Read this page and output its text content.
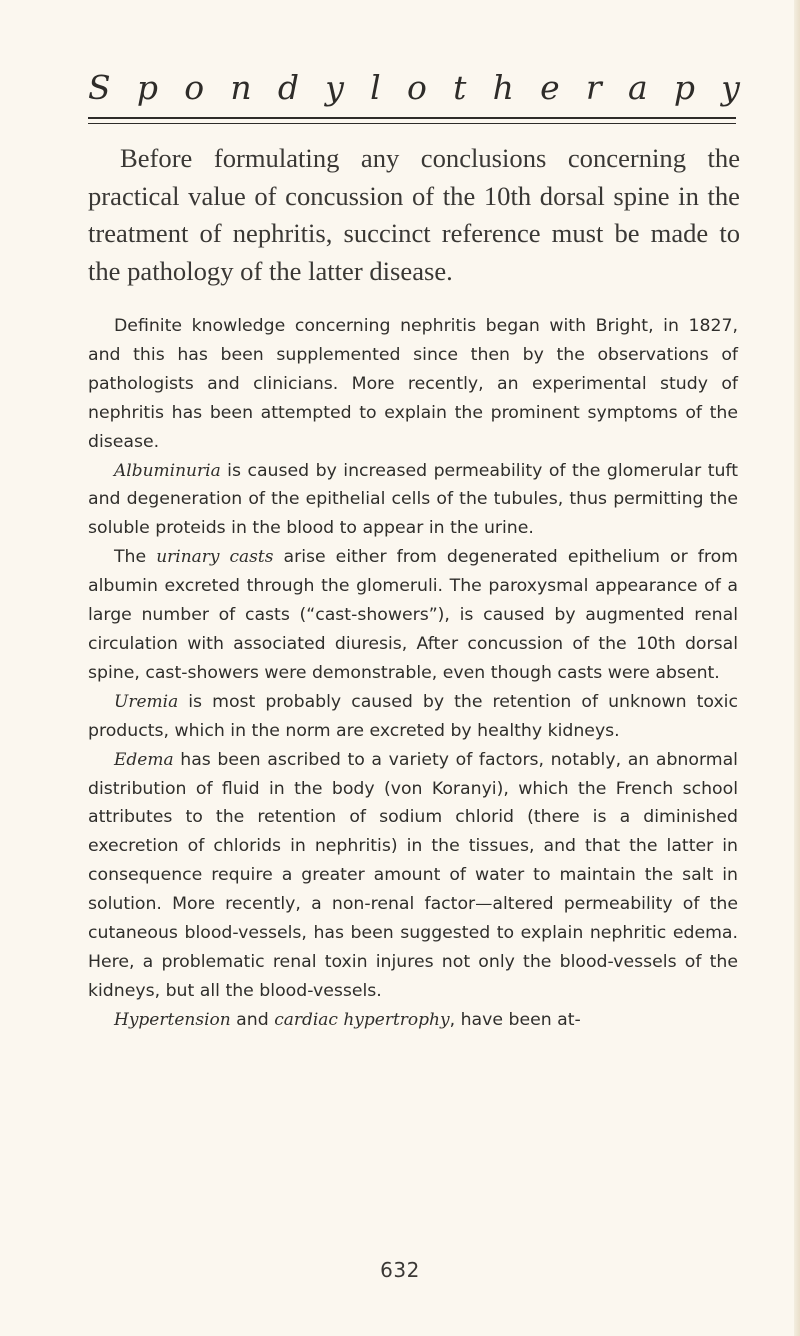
S p o n d y l o t h e r a p y

Before formulating any conclusions concerning the practical value of concussion of the 10th dorsal spine in the treatment of nephritis, succinct reference must be made to the pathology of the latter disease.

Definite knowledge concerning nephritis began with Bright, in 1827, and this has been supplemented since then by the observations of pathologists and clinicians. More recently, an experimental study of nephritis has been attempted to explain the prominent symptoms of the disease.

Albuminuria is caused by increased permeability of the glomerular tuft and degeneration of the epithelial cells of the tubules, thus permitting the soluble proteids in the blood to appear in the urine.

The urinary casts arise either from degenerated epithelium or from albumin excreted through the glomeruli. The paroxysmal appearance of a large number of casts (“cast-showers”), is caused by augmented renal circulation with associated diuresis, After concussion of the 10th dorsal spine, cast-showers were demonstrable, even though casts were absent.

Uremia is most probably caused by the retention of unknown toxic products, which in the norm are excreted by healthy kidneys.

Edema has been ascribed to a variety of factors, notably, an abnormal distribution of fluid in the body (von Koranyi), which the French school attributes to the retention of sodium chlorid (there is a diminished execretion of chlorids in nephritis) in the tissues, and that the latter in consequence require a greater amount of water to maintain the salt in solution. More recently, a non-renal factor—altered permeability of the cutaneous blood-vessels, has been suggested to explain nephritic edema. Here, a problematic renal toxin injures not only the blood-vessels of the kidneys, but all the blood-vessels.

Hypertension and cardiac hypertrophy, have been at-

632
